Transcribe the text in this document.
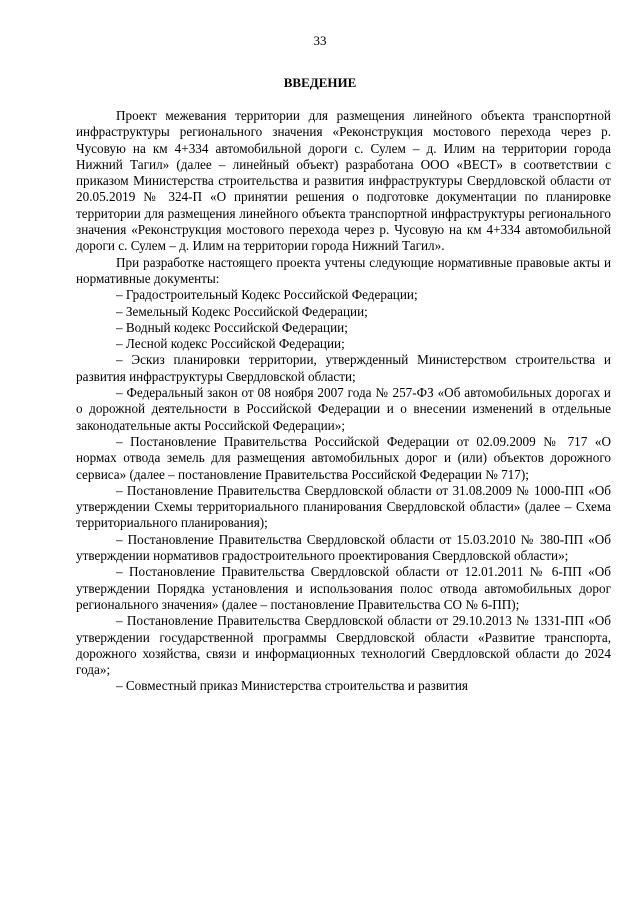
33
ВВЕДЕНИЕ

Проект межевания территории для размещения линейного объекта транспортной инфраструктуры регионального значения «Реконструкция мостового перехода через р. Чусовую на км 4+334 автомобильной дороги с. Сулем – д. Илим на территории города Нижний Тагил» (далее – линейный объект) разработана ООО «ВЕСТ» в соответствии с приказом Министерства строительства и развития инфраструктуры Свердловской области от 20.05.2019 № 324-П «О принятии решения о подготовке документации по планировке территории для размещения линейного объекта транспортной инфраструктуры регионального значения «Реконструкция мостового перехода через р. Чусовую на км 4+334 автомобильной дороги с. Сулем – д. Илим на территории города Нижний Тагил».

При разработке настоящего проекта учтены следующие нормативные правовые акты и нормативные документы:

– Градостроительный Кодекс Российской Федерации;

– Земельный Кодекс Российской Федерации;

– Водный кодекс Российской Федерации;

– Лесной кодекс Российской Федерации;

– Эскиз планировки территории, утвержденный Министерством строительства и развития инфраструктуры Свердловской области;

– Федеральный закон от 08 ноября 2007 года № 257-ФЗ «Об автомобильных дорогах и о дорожной деятельности в Российской Федерации и о внесении изменений в отдельные законодательные акты Российской Федерации»;

– Постановление Правительства Российской Федерации от 02.09.2009 № 717 «О нормах отвода земель для размещения автомобильных дорог и (или) объектов дорожного сервиса» (далее – постановление Правительства Российской Федерации № 717);

– Постановление Правительства Свердловской области от 31.08.2009 № 1000-ПП «Об утверждении Схемы территориального планирования Свердловской области» (далее – Схема территориального планирования);

– Постановление Правительства Свердловской области от 15.03.2010 № 380-ПП «Об утверждении нормативов градостроительного проектирования Свердловской области»;

– Постановление Правительства Свердловской области от 12.01.2011 № 6-ПП «Об утверждении Порядка установления и использования полос отвода автомобильных дорог регионального значения» (далее – постановление Правительства СО № 6-ПП);

– Постановление Правительства Свердловской области от 29.10.2013 № 1331-ПП «Об утверждении государственной программы Свердловской области «Развитие транспорта, дорожного хозяйства, связи и информационных технологий Свердловской области до 2024 года»;

– Совместный приказ Министерства строительства и развития
